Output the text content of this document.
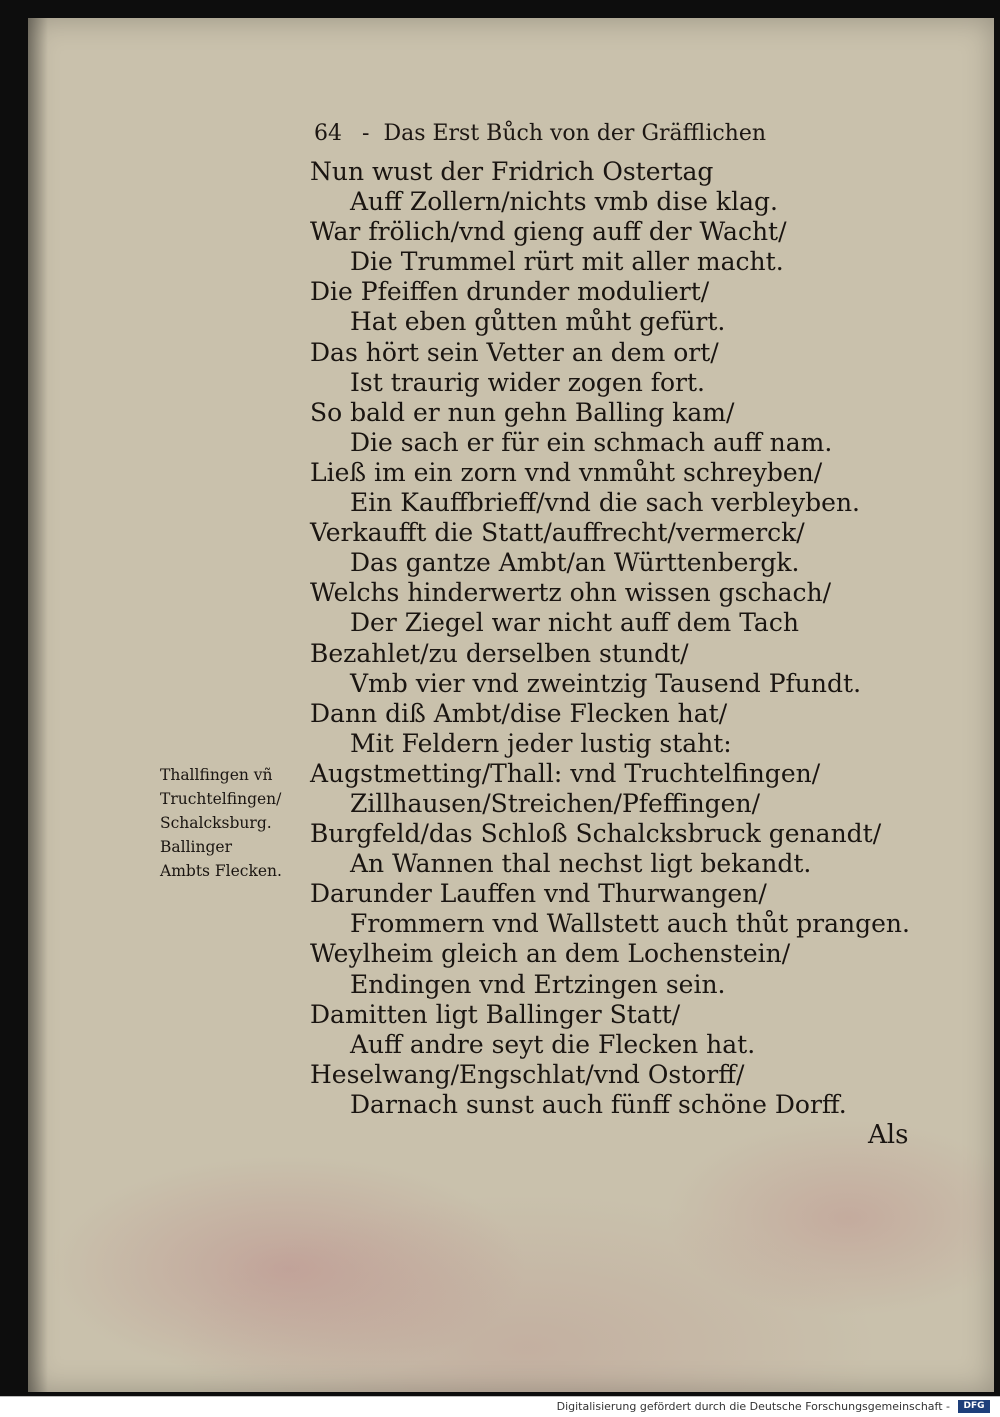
64 - Das Erst Bůch von der Gräfflichen
Nun wust der Fridrich Ostertag
Auff Zollern/nichts vmb dise klag.
War frölich/vnd gieng auff der Wacht/
Die Trummel rürt mit aller macht.
Die Pfeiffen drunder moduliert/
Hat eben gůtten můht gefürt.
Das hört sein Vetter an dem ort/
Ist traurig wider zogen fort.
So bald er nun gehn Balling kam/
Die sach er für ein schmach auff nam.
Ließ im ein zorn vnd vnmůht schreyben/
Ein Kauffbrieff/vnd die sach verbleyben.
Verkaufft die Statt/auffrecht/vermerck/
Das gantze Ambt/an Württenbergk.
Welchs hinderwertz ohn wissen gschach/
Der Ziegel war nicht auff dem Tach
Bezahlet/zu derselben stundt/
Vmb vier vnd zweintzig Tausend Pfundt.
Dann diß Ambt/dise Flecken hat/
Mit Feldern jeder lustig staht:
Augstmetting/Thall: vnd Truchtelfingen/
Zillhausen/Streichen/Pfeffingen/
Burgfeld/das Schloß Schalcksbruck genandt/
An Wannen thal nechst ligt bekandt.
Darunder Lauffen vnd Thurwangen/
Frommern vnd Wallstett auch thůt prangen.
Weylheim gleich an dem Lochenstein/
Endingen vnd Ertzingen sein.
Damitten ligt Ballinger Statt/
Auff andre seyt die Flecken hat.
Heselwang/Engschlat/vnd Ostorff/
Darnach sunst auch fünff schöne Dorff.
Thallfingen vñ
Truchtelfingen/
Schalcksburg.
Ballinger
Ambts Flecken.
Als
Digitalisierung gefördert durch die Deutsche Forschungsgemeinschaft -	DFG
